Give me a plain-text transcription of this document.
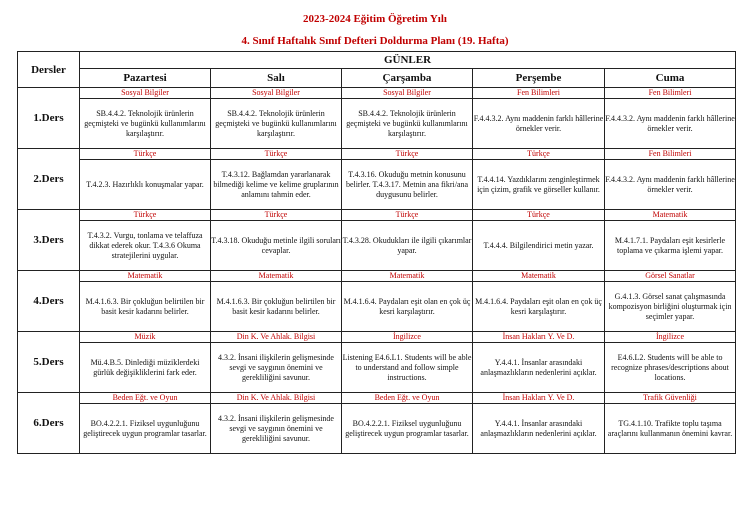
2023-2024 Eğitim Öğretim Yılı
4. Sınıf Haftalık Sınıf Defteri Doldurma Planı (19. Hafta)
Dersler	GÜNLER				
	Pazartesi	Salı	Çarşamba	Perşembe	Cuma
1.Ders	Sosyal Bilgiler	Sosyal Bilgiler	Sosyal Bilgiler	Fen Bilimleri	Fen Bilimleri

	SB.4.4.2. Teknolojik ürünlerin geçmişteki ve bugünkü kullanımlarını karşılaştırır.	SB.4.4.2. Teknolojik ürünlerin geçmişteki ve bugünkü kullanımlarını karşılaştırır.	SB.4.4.2. Teknolojik ürünlerin geçmişteki ve bugünkü kullanımlarını karşılaştırır.	F.4.4.3.2. Aynı maddenin farklı hâllerine örnekler verir.	F.4.4.3.2. Aynı maddenin farklı hâllerine örnekler verir.

2.Ders	Türkçe	Türkçe	Türkçe	Türkçe	Fen Bilimleri

	T.4.2.3. Hazırlıklı konuşmalar yapar.	T.4.3.12. Bağlamdan yararlanarak bilmediği kelime ve kelime gruplarının anlamını tahmin eder.	T.4.3.16. Okuduğu metnin konusunu belirler. T.4.3.17. Metnin ana fikri/ana duygusunu belirler.	T.4.4.14. Yazdıklarını zenginleştirmek için çizim, grafik ve görseller kullanır.	F.4.4.3.2. Aynı maddenin farklı hâllerine örnekler verir.

3.Ders	Türkçe	Türkçe	Türkçe	Türkçe	Matematik

	T.4.3.2. Vurgu, tonlama ve telaffuza dikkat ederek okur. T.4.3.6 Okuma stratejilerini uygular.	T.4.3.18. Okuduğu metinle ilgili soruları cevaplar.	T.4.3.28. Okudukları ile ilgili çıkarımlar yapar.	T.4.4.4. Bilgilendirici metin yazar.	M.4.1.7.1. Paydaları eşit kesirlerle toplama ve çıkarma işlemi yapar.

4.Ders	Matematik	Matematik	Matematik	Matematik	Görsel Sanatlar

	M.4.1.6.3. Bir çokluğun belirtilen bir basit kesir kadarını belirler.	M.4.1.6.3. Bir çokluğun belirtilen bir basit kesir kadarını belirler.	M.4.1.6.4. Paydaları eşit olan en çok üç kesri karşılaştırır.	M.4.1.6.4. Paydaları eşit olan en çok üç kesri karşılaştırır.	G.4.1.3. Görsel sanat çalışmasında kompozisyon birliğini oluşturmak için seçimler yapar.

5.Ders	Müzik	Din K. Ve Ahlak. Bilgisi	İngilizce	İnsan Hakları Y. Ve D.	İngilizce

	Mü.4.B.5. Dinlediği müziklerdeki gürlük değişikliklerini fark eder.	4.3.2. İnsani ilişkilerin gelişmesinde sevgi ve saygının önemini ve gerekliliğini savunur.	Listening E4.6.L1. Students will be able to understand and follow simple instructions.	Y.4.4.1. İnsanlar arasındaki anlaşmazlıkların nedenlerini açıklar.	E4.6.L2. Students will be able to recognize phrases/descriptions about locations.

6.Ders	Beden Eğt. ve Oyun	Din K. Ve Ahlak. Bilgisi	Beden Eğt. ve Oyun	İnsan Hakları Y. Ve D.	Trafik Güvenliği

	BO.4.2.2.1. Fiziksel uygunluğunu geliştirecek uygun programlar tasarlar.	4.3.2. İnsani ilişkilerin gelişmesinde sevgi ve saygının önemini ve gerekliliğini savunur.	BO.4.2.2.1. Fiziksel uygunluğunu geliştirecek uygun programlar tasarlar.	Y.4.4.1. İnsanlar arasındaki anlaşmazlıkların nedenlerini açıklar.	TG.4.1.10. Trafikte toplu taşıma araçlarını kullanmanın önemini kavrar.
